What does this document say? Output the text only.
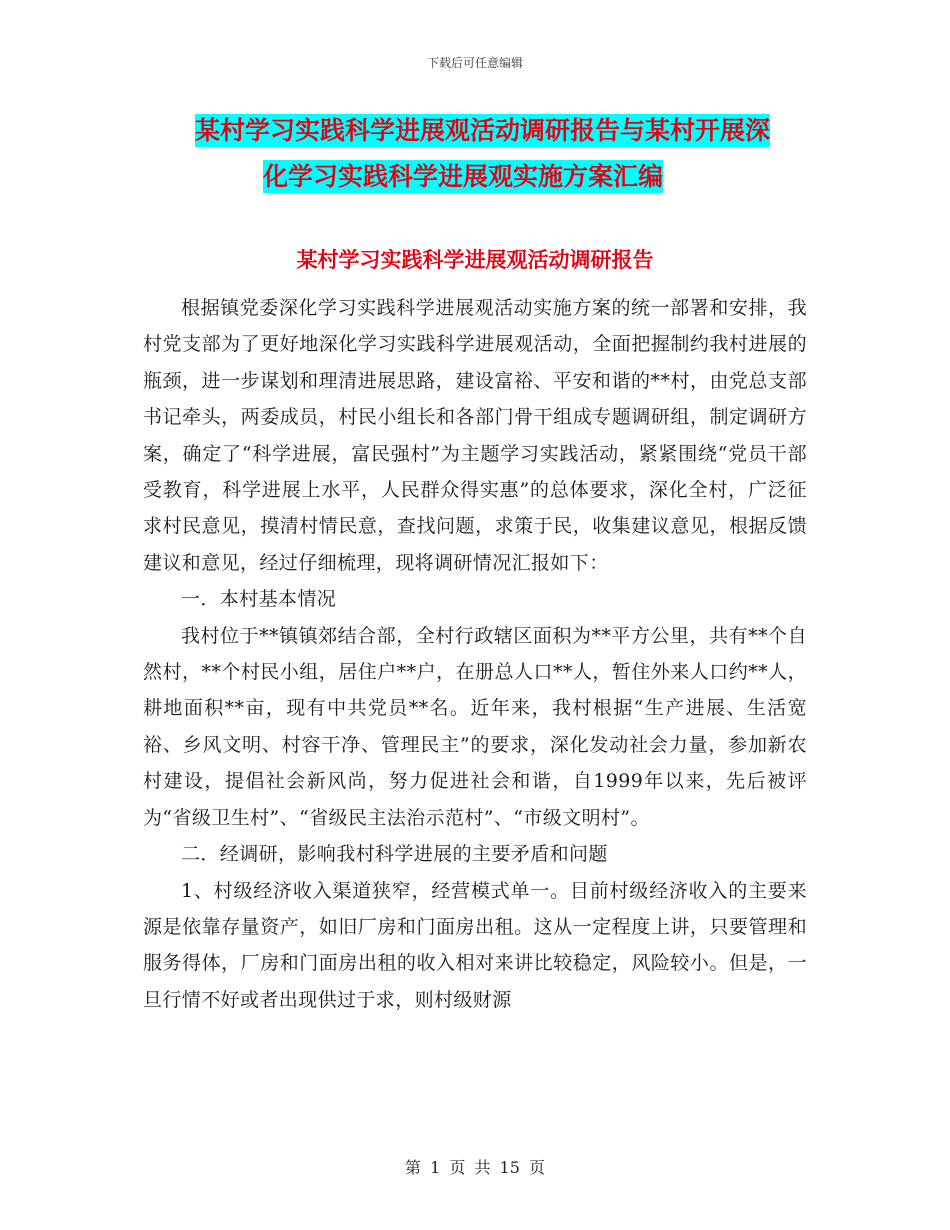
下载后可任意编辑
某村学习实践科学进展观活动调研报告与某村开展深
化学习实践科学进展观实施方案汇编
某村学习实践科学进展观活动调研报告

根据镇党委深化学习实践科学进展观活动实施方案的统一部署和安排，我村党支部为了更好地深化学习实践科学进展观活动，全面把握制约我村进展的瓶颈，进一步谋划和理清进展思路，建设富裕、平安和谐的**村，由党总支部书记牵头，两委成员，村民小组长和各部门骨干组成专题调研组，制定调研方案，确定了“科学进展，富民强村”为主题学习实践活动，紧紧围绕“党员干部受教育，科学进展上水平，人民群众得实惠”的总体要求，深化全村，广泛征求村民意见，摸清村情民意，查找问题，求策于民，收集建议意见，根据反馈建议和意见，经过仔细梳理，现将调研情况汇报如下：

一．本村基本情况

我村位于**镇镇郊结合部，全村行政辖区面积为**平方公里，共有**个自然村，**个村民小组，居住户**户，在册总人口**人，暂住外来人口约**人，耕地面积**亩，现有中共党员**名。近年来，我村根据“生产进展、生活宽裕、乡风文明、村容干净、管理民主”的要求，深化发动社会力量，参加新农村建设，提倡社会新风尚，努力促进社会和谐，自1999年以来，先后被评为“省级卫生村”、“省级民主法治示范村”、“市级文明村”。

二．经调研，影响我村科学进展的主要矛盾和问题

1、村级经济收入渠道狭窄，经营模式单一。目前村级经济收入的主要来源是依靠存量资产，如旧厂房和门面房出租。这从一定程度上讲，只要管理和服务得体，厂房和门面房出租的收入相对来讲比较稳定，风险较小。但是，一旦行情不好或者出现供过于求，则村级财源

第 1 页 共 15 页
